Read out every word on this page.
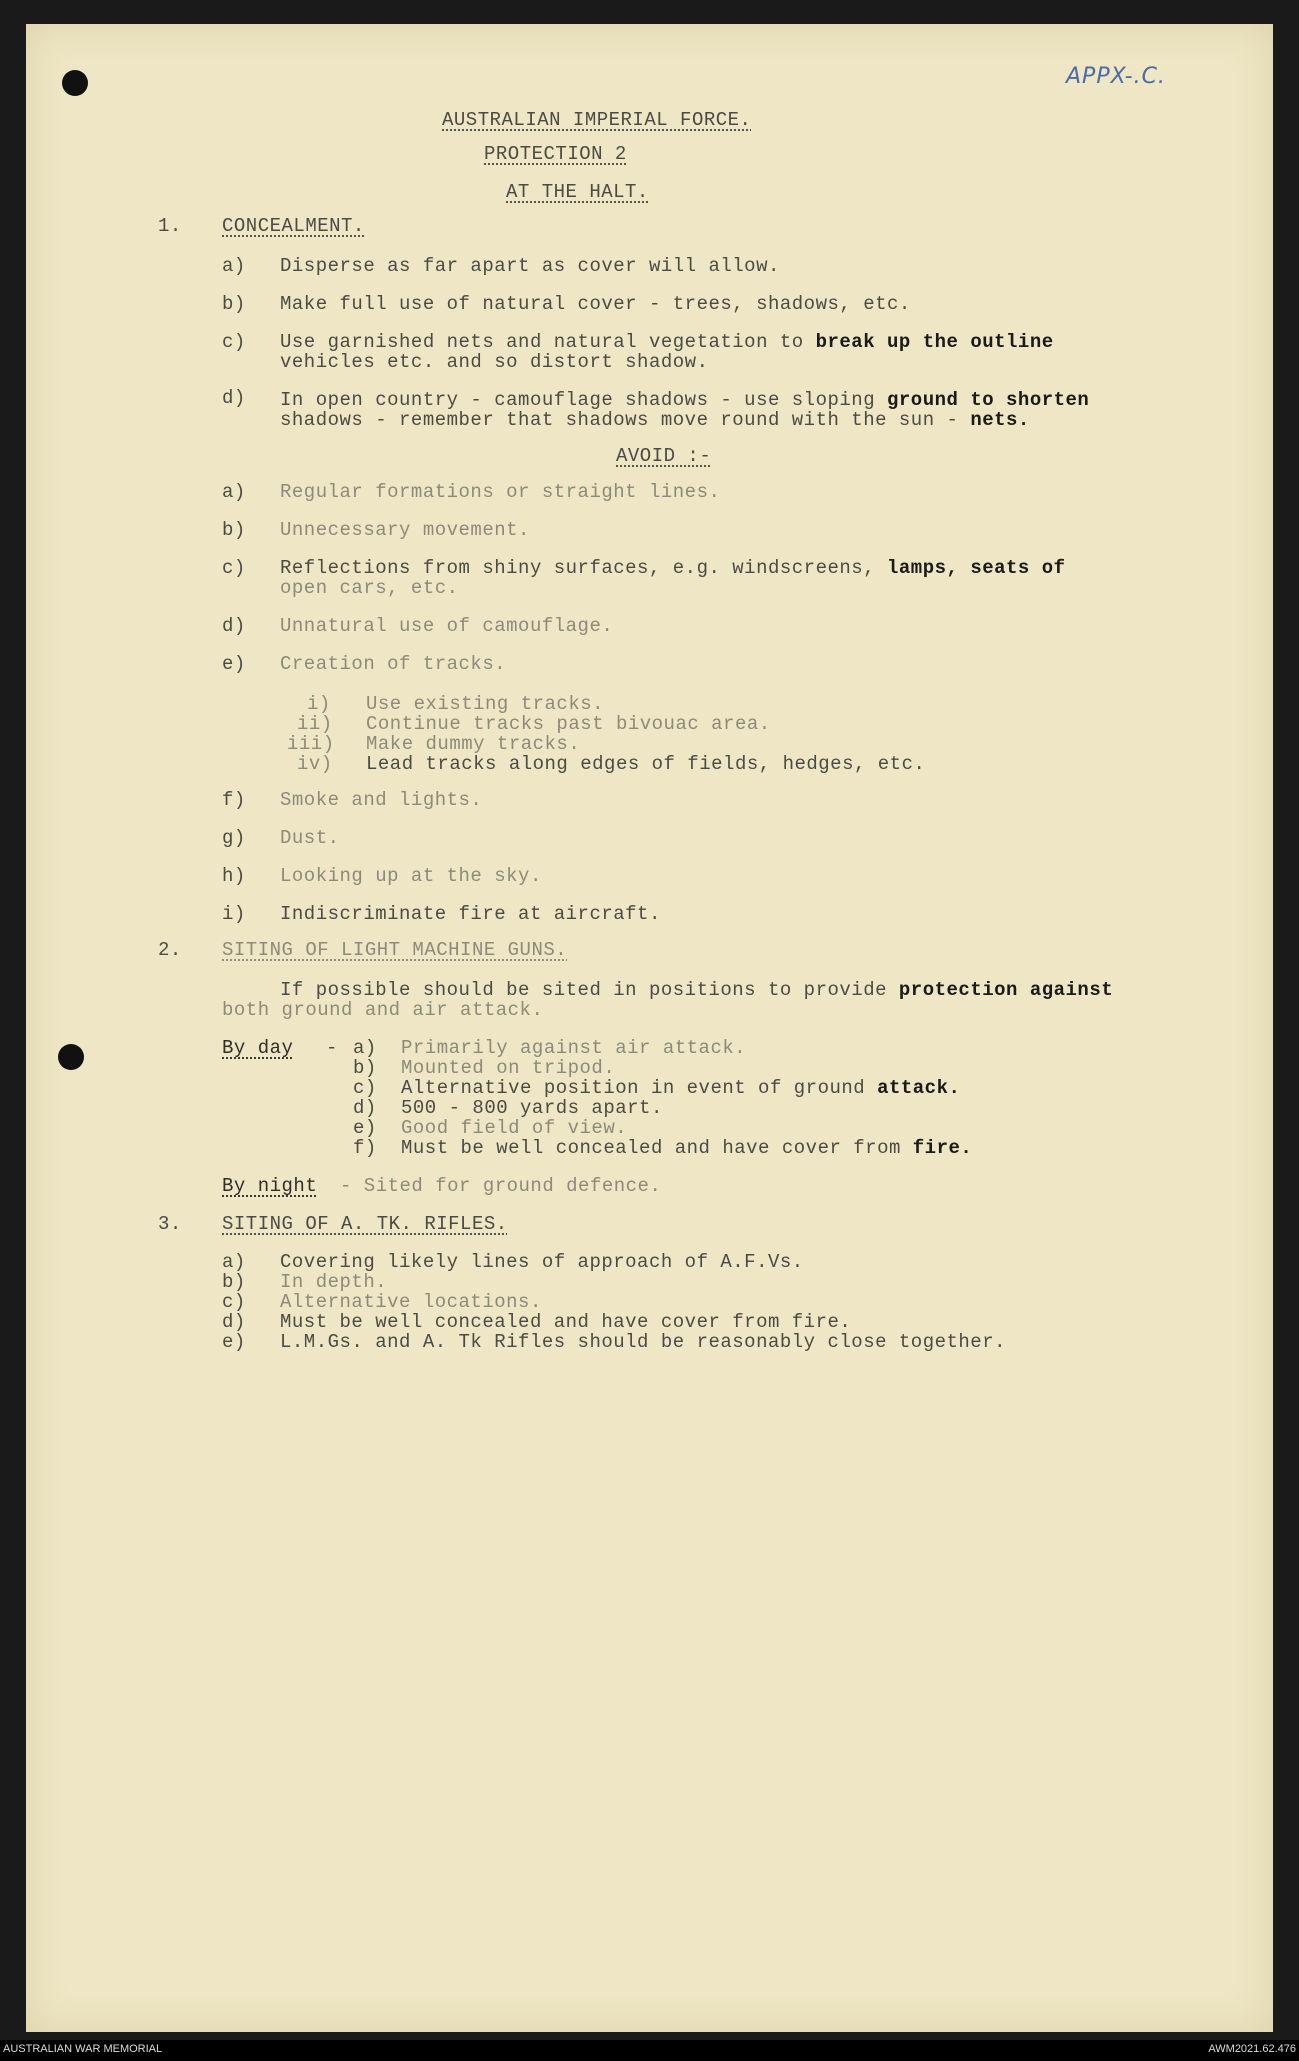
APPX-.C.
AUSTRALIAN IMPERIAL FORCE.
PROTECTION 2
AT THE HALT.
1. CONCEALMENT.
a) Disperse as far apart as cover will allow.
b) Make full use of natural cover - trees, shadows, etc.
c) Use garnished nets and natural vegetation to break up the outline
vehicles etc. and so distort shadow.
d) In open country - camouflage shadows - use sloping ground to shorten
shadows - remember that shadows move round with the sun - nets.
AVOID :-
a) Regular formations or straight lines.
b) Unnecessary movement.
c) Reflections from shiny surfaces, e.g. windscreens, lamps, seats of
open cars, etc.
d) Unnatural use of camouflage.
e) Creation of tracks.
i) Use existing tracks.
ii) Continue tracks past bivouac area.
iii) Make dummy tracks.
iv) Lead tracks along edges of fields, hedges, etc.
f) Smoke and lights.
g) Dust.
h) Looking up at the sky.
i) Indiscriminate fire at aircraft.
2. SITING OF LIGHT MACHINE GUNS.
If possible should be sited in positions to provide protection against
both ground and air attack.
By day - a) Primarily against air attack.
b) Mounted on tripod.
c) Alternative position in event of ground attack.
d) 500 - 800 yards apart.
e) Good field of view.
f) Must be well concealed and have cover from fire.
By night - Sited for ground defence.
3. SITING OF A. TK. RIFLES.
a) Covering likely lines of approach of A.F.Vs.
b) In depth.
c) Alternative locations.
d) Must be well concealed and have cover from fire.
e) L.M.Gs. and A. Tk Rifles should be reasonably close together.
AUSTRALIAN WAR MEMORIAL	AWM2021.62.476
